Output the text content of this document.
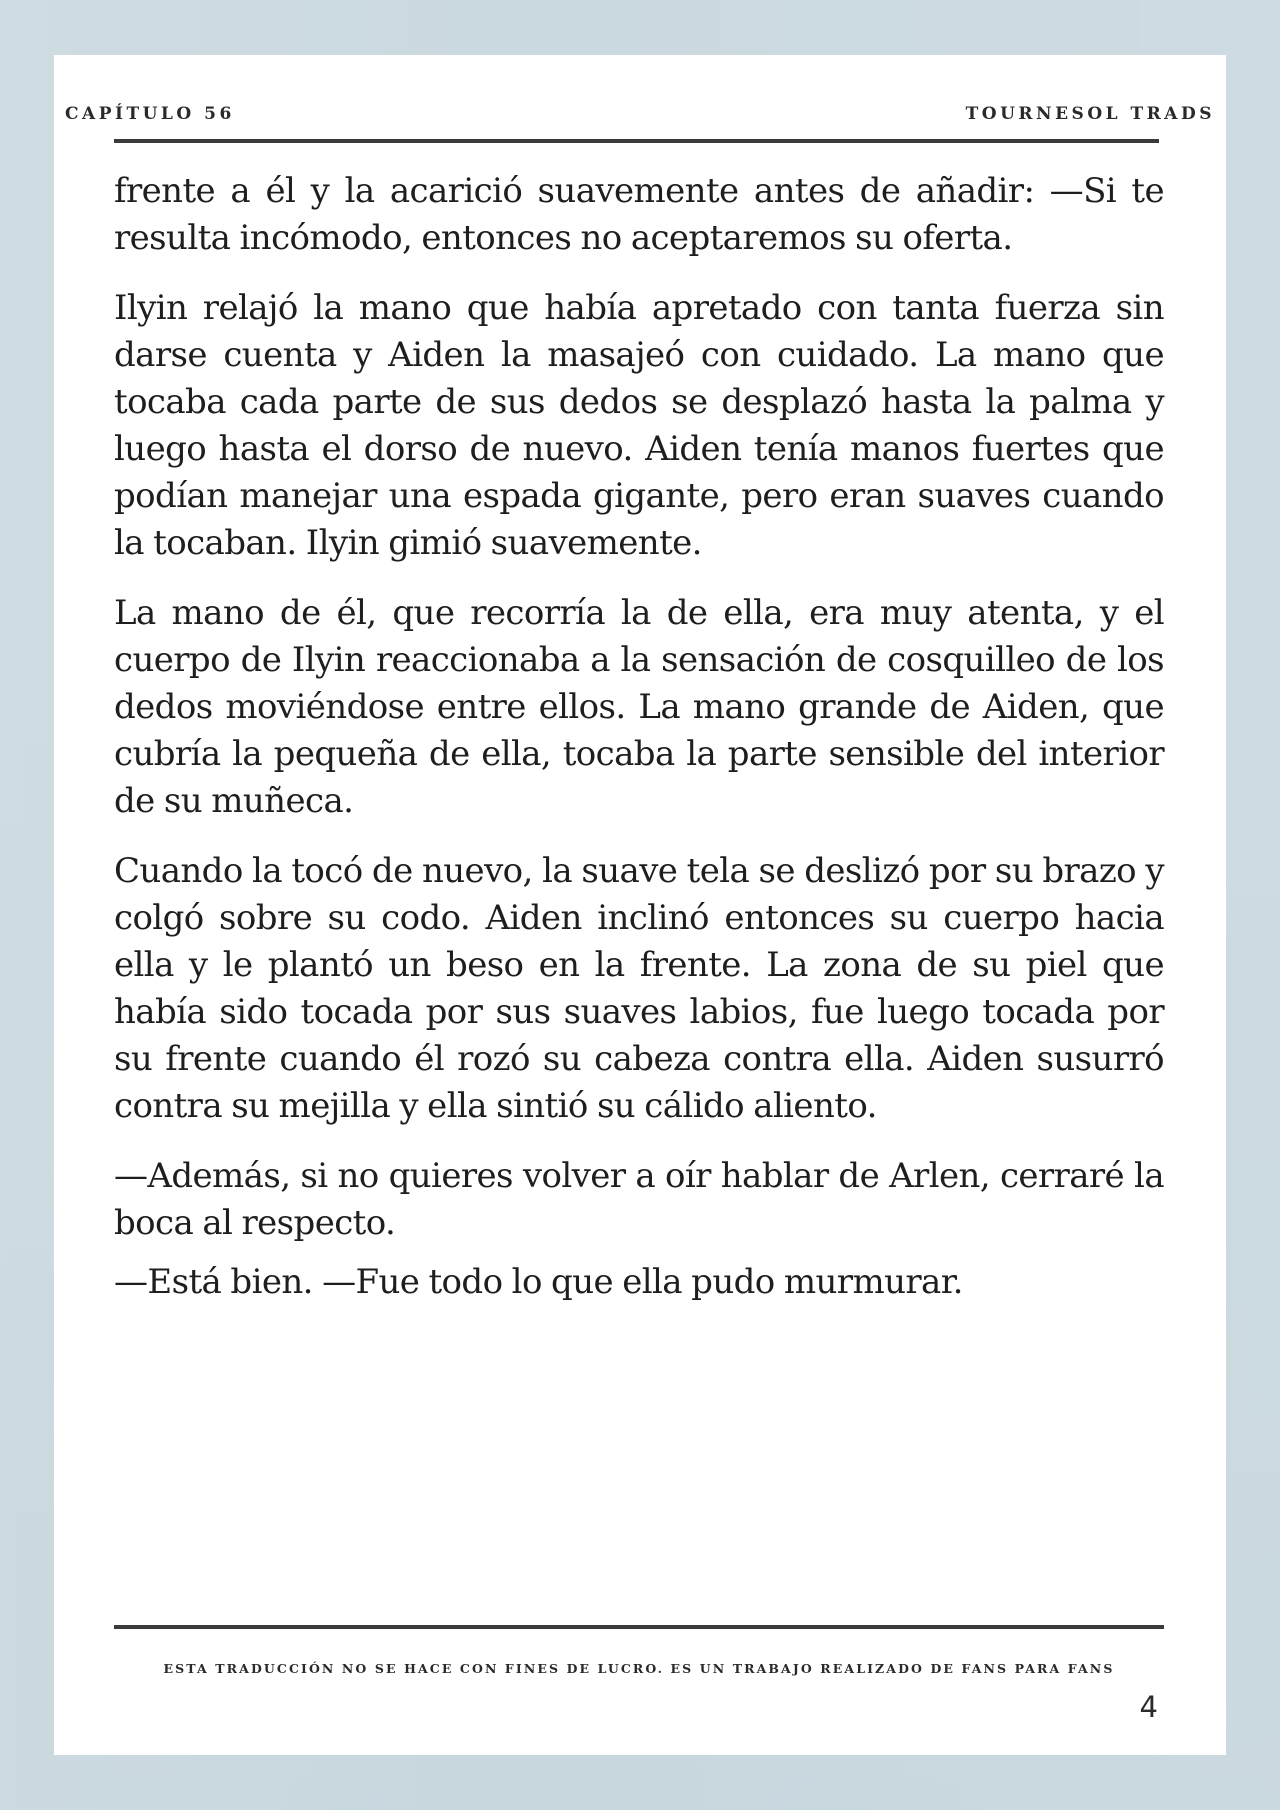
CAPÍTULO 56	TOURNESOL TRADS

frente a él y la acarició suavemente antes de añadir: —Si te resulta incómodo, entonces no aceptaremos su oferta.

Ilyin relajó la mano que había apretado con tanta fuerza sin darse cuenta y Aiden la masajeó con cuidado. La mano que tocaba cada parte de sus dedos se desplazó hasta la palma y luego hasta el dorso de nuevo. Aiden tenía manos fuertes que podían manejar una espada gigante, pero eran suaves cuando la tocaban. Ilyin gimió suavemente.

La mano de él, que recorría la de ella, era muy atenta, y el cuerpo de Ilyin reaccionaba a la sensación de cosquilleo de los dedos moviéndose entre ellos. La mano grande de Aiden, que cubría la pequeña de ella, tocaba la parte sensible del interior de su muñeca.

Cuando la tocó de nuevo, la suave tela se deslizó por su brazo y colgó sobre su codo. Aiden inclinó entonces su cuerpo hacia ella y le plantó un beso en la frente. La zona de su piel que había sido tocada por sus suaves labios, fue luego tocada por su frente cuando él rozó su cabeza contra ella. Aiden susurró contra su mejilla y ella sintió su cálido aliento.

—Además, si no quieres volver a oír hablar de Arlen, cerraré la boca al respecto.

—Está bien. —Fue todo lo que ella pudo murmurar.

ESTA TRADUCCIÓN NO SE HACE CON FINES DE LUCRO. ES UN TRABAJO REALIZADO DE FANS PARA FANS
4
